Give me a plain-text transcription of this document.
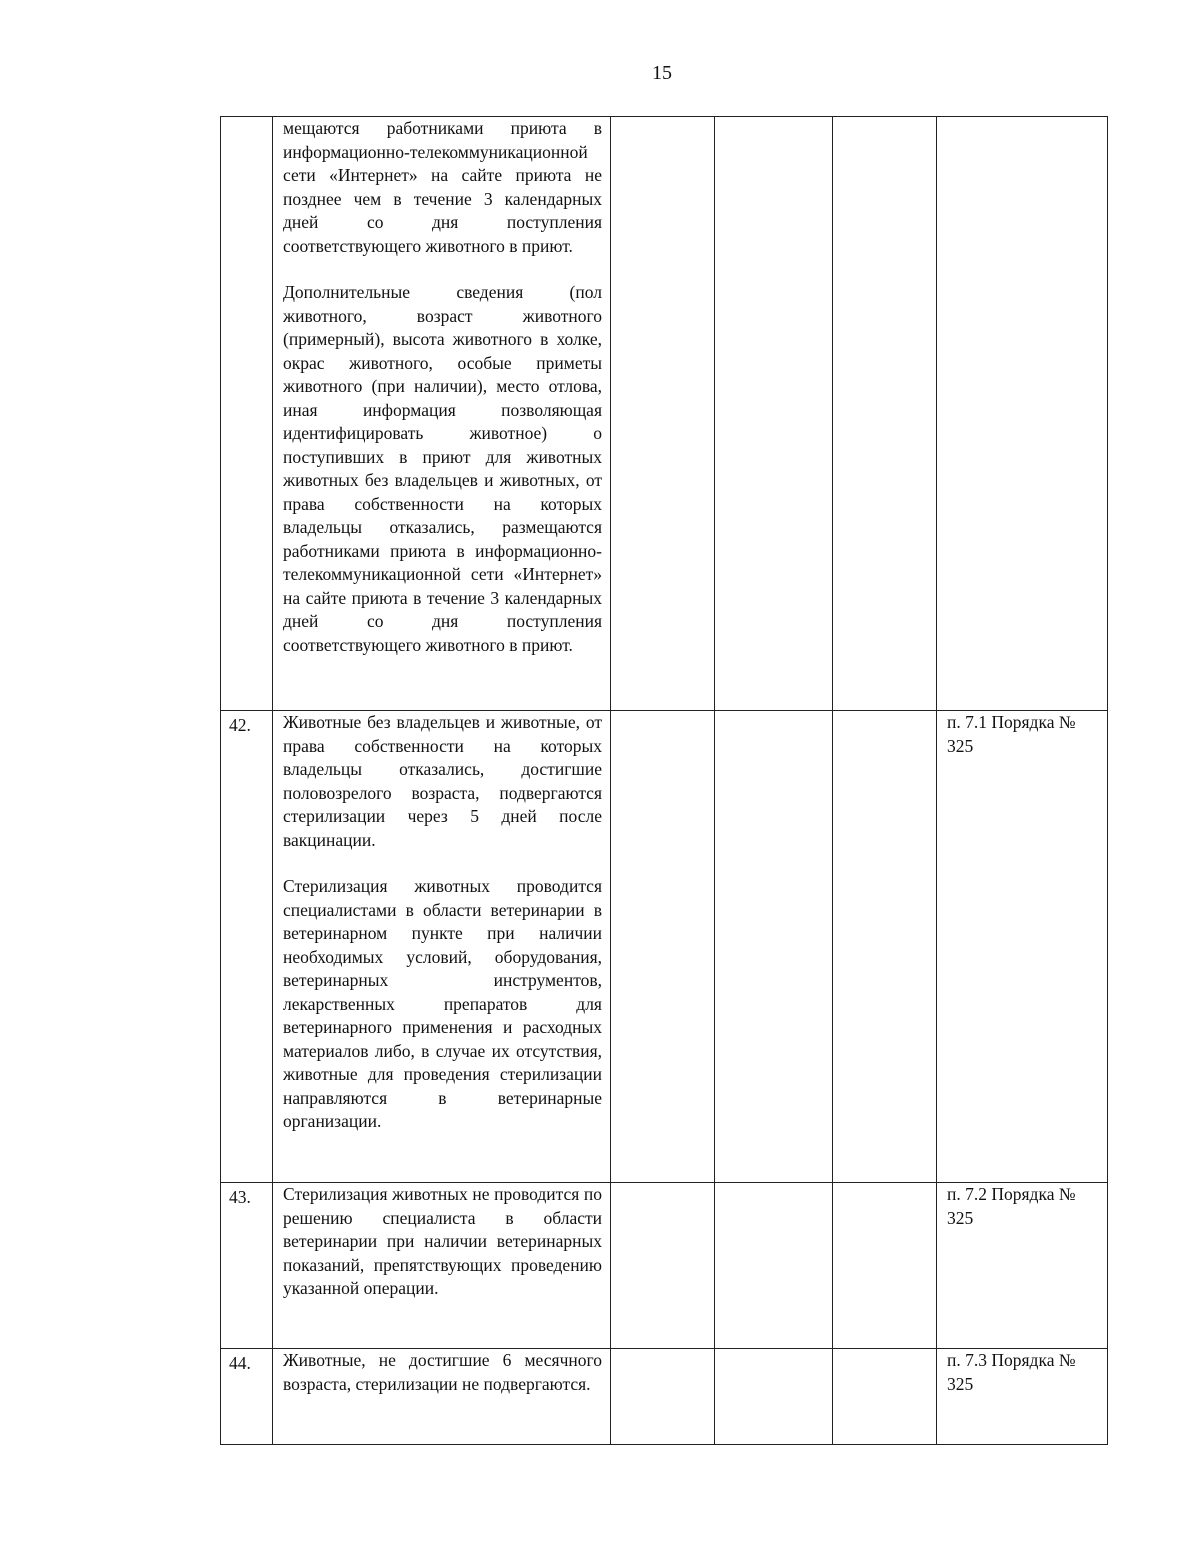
15

	мещаются работниками приюта в информационно-телекоммуникационной сети «Интернет» на сайте приюта не позднее чем в течение 3 календарных дней со дня поступления соответствующего животного в приют.

Дополнительные сведения (пол животного, возраст животного (примерный), высота животного в холке, окрас животного, особые приметы животного (при наличии), место отлова, иная информация позволяющая идентифицировать животное) о поступивших в приют для животных животных без владельцев и животных, от права собственности на которых владельцы отказались, размещаются работниками приюта в информационно-телекоммуникационной сети «Интернет» на сайте приюта в течение 3 календарных дней со дня поступления соответствующего животного в приют.				

42.	Животные без владельцев и животные, от права собственности на которых владельцы отказались, достигшие половозрелого возраста, подвергаются стерилизации через 5 дней после вакцинации.

Стерилизация животных проводится специалистами в области ветеринарии в ветеринарном пункте при наличии необходимых условий, оборудования, ветеринарных инструментов, лекарственных препаратов для ветеринарного применения и расходных материалов либо, в случае их отсутствия, животные для проведения стерилизации направляются в ветеринарные организации.				п. 7.1 Порядка № 325

43.	Стерилизация животных не проводится по решению специалиста в области ветеринарии при наличии ветеринарных показаний, препятствующих проведению указанной операции.				п. 7.2 Порядка № 325

44.	Животные, не достигшие 6 месячного возраста, стерилизации не подвергаются.				п. 7.3 Порядка № 325
